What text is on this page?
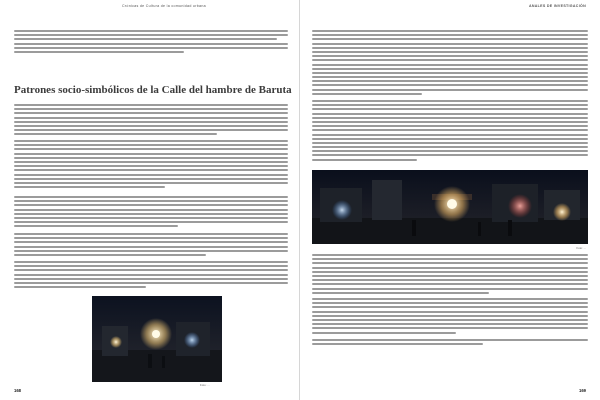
Crónicas de Cultura de la comunidad urbana
Patrones socio-simbólicos de la Calle del hambre de Baruta
Foto: ...
168
ANALES DE INVESTIGACIÓN
Foto: ...
169
